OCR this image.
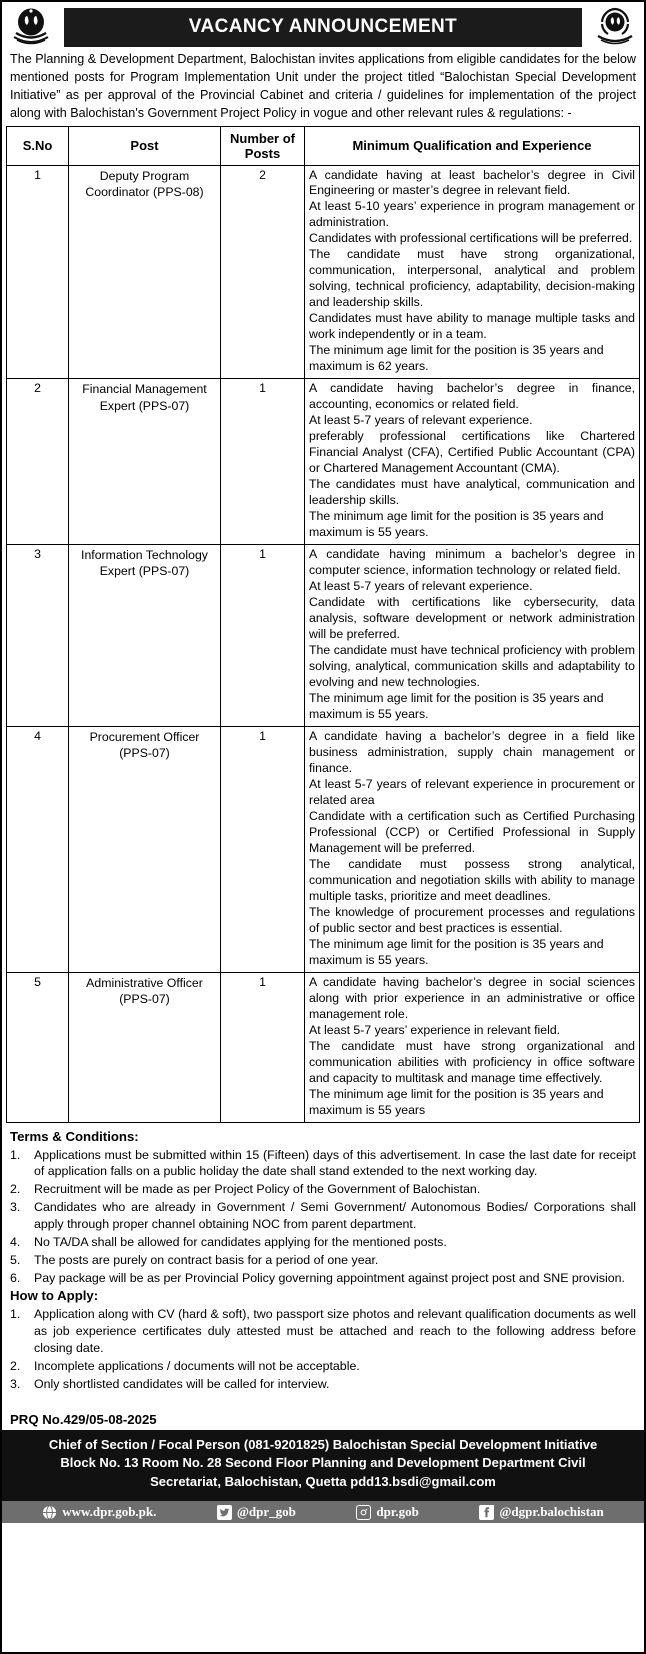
VACANCY ANNOUNCEMENT
The Planning & Development Department, Balochistan invites applications from eligible candidates for the below mentioned posts for Program Implementation Unit under the project titled “Balochistan Special Development Initiative” as per approval of the Provincial Cabinet and criteria / guidelines for implementation of the project along with Balochistan's Government Project Policy in vogue and other relevant rules & regulations: -
S.No	Post	Number of Posts	Minimum Qualification and Experience
1	Deputy Program Coordinator (PPS-08)	2	A candidate having at least bachelor’s degree in Civil Engineering or master’s degree in relevant field.

At least 5-10 years’ experience in program management or administration.

Candidates with professional certifications will be preferred.

The candidate must have strong organizational, communication, interpersonal, analytical and problem solving, technical proficiency, adaptability, decision-making and leadership skills.

Candidates must have ability to manage multiple tasks and work independently or in a team.

The minimum age limit for the position is 35 years and maximum is 62 years.

2	Financial Management Expert (PPS-07)	1	A candidate having bachelor’s degree in finance, accounting, economics or related field.

At least 5-7 years of relevant experience.

preferably professional certifications like Chartered Financial Analyst (CFA), Certified Public Accountant (CPA) or Chartered Management Accountant (CMA).

The candidates must have analytical, communication and leadership skills.

The minimum age limit for the position is 35 years and maximum is 55 years.

3	Information Technology Expert (PPS-07)	1	A candidate having minimum a bachelor’s degree in computer science, information technology or related field.

At least 5-7 years of relevant experience.

Candidate with certifications like cybersecurity, data analysis, software development or network administration will be preferred.

The candidate must have technical proficiency with problem solving, analytical, communication skills and adaptability to evolving and new technologies.

The minimum age limit for the position is 35 years and maximum is 55 years.

4	Procurement Officer (PPS-07)	1	A candidate having a bachelor’s degree in a field like business administration, supply chain management or finance.

At least 5-7 years of relevant experience in procurement or related area

Candidate with a certification such as Certified Purchasing Professional (CCP) or Certified Professional in Supply Management will be preferred.

The candidate must possess strong analytical, communication and negotiation skills with ability to manage multiple tasks, prioritize and meet deadlines.

The knowledge of procurement processes and regulations of public sector and best practices is essential.

The minimum age limit for the position is 35 years and maximum is 55 years.

5	Administrative Officer (PPS-07)	1	A candidate having bachelor’s degree in social sciences along with prior experience in an administrative or office management role.

At least 5-7 years’ experience in relevant field.

The candidate must have strong organizational and communication abilities with proficiency in office software and capacity to multitask and manage time effectively.

The minimum age limit for the position is 35 years and maximum is 55 years

Terms & Conditions:
1.	Applications must be submitted within 15 (Fifteen) days of this advertisement. In case the last date for receipt of application falls on a public holiday the date shall stand extended to the next working day.
2.	Recruitment will be made as per Project Policy of the Government of Balochistan.
3.	Candidates who are already in Government / Semi Government/ Autonomous Bodies/ Corporations shall apply through proper channel obtaining NOC from parent department.
4.	No TA/DA shall be allowed for candidates applying for the mentioned posts.
5.	The posts are purely on contract basis for a period of one year.
6.	Pay package will be as per Provincial Policy governing appointment against project post and SNE provision.
How to Apply:
1.	Application along with CV (hard & soft), two passport size photos and relevant qualification documents as well as job experience certificates duly attested must be attached and reach to the following address before closing date.
2.	Incomplete applications / documents will not be acceptable.
3.	Only shortlisted candidates will be called for interview.
PRQ No.429/05-08-2025
Chief of Section / Focal Person (081-9201825) Balochistan Special Development Initiative
Block No. 13 Room No. 28 Second Floor Planning and Development Department Civil
Secretariat, Balochistan, Quetta pdd13.bsdi@gmail.com
www.dpr.gob.pk.	@dpr_gob	dpr.gob	@dgpr.balochistan
